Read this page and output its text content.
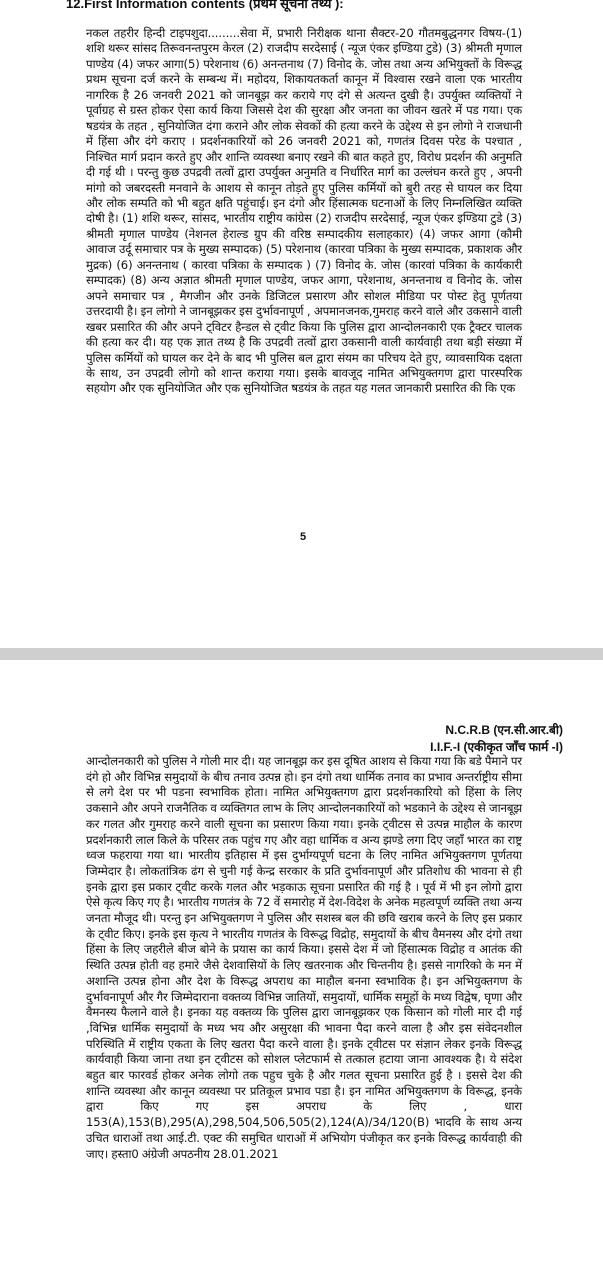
12.First Information contents (प्रथम सूचना तथ्य ):
नकल तहरीर हिन्दी टाइपशुदा.........सेवा में, प्रभारी निरीक्षक थाना सैक्टर-20 गौतमबुद्धनगर विषय-(1) शशि थरूर सांसद तिरूवनन्तपुरम केरल (2) राजदीप सरदेसाई ( न्यूज एंकर इण्डिया टुडे) (3) श्रीमती मृणाल पाण्डेय (4) जफर आगा(5) परेशनाथ (6) अनन्तनाथ (7) विनोद के. जोस तथा अन्य अभियुक्तों के विरूद्ध प्रथम सूचना दर्ज करने के सम्बन्ध में। महोदय, शिकायतकर्ता कानून में विश्वास रखने वाला एक भारतीय नागरिक है 26 जनवरी 2021 को जानबूझ कर कराये गए दंगे से अत्यन्त दुखी है। उपर्युक्त व्यक्तियों ने पूर्वाग्रह से ग्रस्त होकर ऐसा कार्य किया जिससे देश की सुरक्षा और जनता का जीवन खतरे में पड गया। एक षडयंत्र के तहत , सुनियोजित दंगा कराने और लोक सेवकों की हत्या करने के उद्देश्य से इन लोगो ने राजधानी में हिंसा और दंगे कराए । प्रदर्शनकारियों को 26 जनवरी 2021 को, गणतंत्र दिवस परेड के पश्चात , निश्चित मार्ग प्रदान करते हुए और शान्ति व्यवस्था बनाए रखने की बात कहते हुए, विरोध प्रदर्शन की अनुमति दी गई थी । परन्तु कुछ उपद्रवी तत्वों द्वारा उपर्युक्त अनुमति व निर्धारित मार्ग का उल्लंघन करते हुए , अपनी मांगो को जबरदस्ती मनवाने के आशय से कानून तोड़ते हुए पुलिस कर्मियों को बुरी तरह से घायल कर दिया और लोक सम्पति को भी बहुत क्षति पहुंचाई। इन दंगो और हिंसात्मक घटनाओं के लिए निम्नलिखित व्यक्ति दोषी है। (1) शशि थरूर, सांसद, भारतीय राष्ट्रीय कांग्रेस (2) राजदीप सरदेसाई, न्यूज एंकर इण्डिया टुडे (3) श्रीमती मृणाल पाण्डेय (नेशनल हेराल्ड ग्रुप की वरिष्ठ सम्पादकीय सलाहकार) (4) जफर आगा (कौमी आवाज उर्दू समाचार पत्र के मुख्य सम्पादक) (5) परेशनाथ (कारवा पत्रिका के मुख्य सम्पादक, प्रकाशक और मुद्रक) (6) अनन्तनाथ ( कारवा पत्रिका के सम्पादक ) (7) विनोद के. जोस (कारवां पत्रिका के कार्यकारी सम्पादक) (8) अन्य अज्ञात श्रीमती मृणाल पाण्डेय, जफर आगा, परेशनाथ, अनन्तनाथ व विनोद के. जोस अपने समाचार पत्र , मैगजीन और उनके डिजिटल प्रसारण और सोशल मीडिया पर पोस्ट हेतु पूर्णतया उत्तरदायी है। इन लोगो ने जानबूझकर इस दुर्भावनापूर्ण , अपमानजनक,गुमराह करने वाले और उकसाने वाली खबर प्रसारित की और अपने ट्विटर हैन्डल से ट्वीट किया कि पुलिस द्वारा आन्दोलनकारी एक ट्रैक्टर चालक की हत्या कर दी। यह एक ज्ञात तथ्य है कि उपद्रवी तत्वों द्वारा उकसानी वाली कार्यवाही तथा बड़ी संख्या में पुलिस कर्मियों को घायल कर देने के बाद भी पुलिस बल द्वारा संयम का परिचय देते हुए, व्यावसायिक दक्षता के साथ, उन उपद्रवी लोगो को शान्त कराया गया। इसके बावजूद नामित अभियुक्तगण द्वारा पारस्परिक सहयोग और एक सुनियोजित और एक सुनियोजित षडयंत्र के तहत यह गलत जानकारी प्रसारित की कि एक
5
N.C.R.B (एन.सी.आर.बी)
I.I.F.-I (एकीकृत जाँच फार्म -I)
आन्दोलनकारी को पुलिस ने गोली मार दी। यह जानबूझ कर इस दूषित आशय से किया गया कि बडे पैमाने पर दंगे हो और विभिन्न समुदायों के बीच तनाव उत्पन्न हो। इन दंगो तथा धार्मिक तनाव का प्रभाव अन्तर्राष्ट्रीय सीमा से लगे देश पर भी पडना स्वभाविक होता। नामित अभियुक्तगण द्वारा प्रदर्शनकारियो को हिंसा के लिए उकसाने और अपने राजनैतिक व व्यक्तिगत लाभ के लिए आन्दोलनकारियों को भडकाने के उद्देश्य से जानबूझ कर गलत और गुमराह करने वाली सूचना का प्रसारण किया गया। इनके ट्वीटस से उत्पन्न माहौल के कारण प्रदर्शनकारी लाल किले के परिसर तक पहुंच गए और वहा धार्मिक व अन्य झण्डे लगा दिए जहाँ भारत का राष्ट्र ध्वज फहराया गया था। भारतीय इतिहास में इस दुर्भाग्यपूर्ण घटना के लिए नामित अभियुक्तगण पूर्णतया जिम्मेदार है। लोकतांत्रिक ढंग से चुनी गई केन्द्र सरकार के प्रति दुर्भावनापूर्ण और प्रतिशोध की भावना से ही इनके द्वारा इस प्रकार ट्वीट करके गलत और भड़काऊ सूचना प्रसारित की गई है । पूर्व में भी इन लोगो द्वारा ऐसे कृत्य किए गए है। भारतीय गणतंत्र के 72 वें समारोह में देश-विदेश के अनेक महत्वपूर्ण व्यक्ति तथा अन्य जनता मौजूद थी। परन्तु इन अभियुक्तगण ने पुलिस और सशस्त्र बल की छवि खराब करने के लिए इस प्रकार के ट्वीट किए। इनके इस कृत्य ने भारतीय गणतंत्र के विरूद्ध विद्रोह, समुदायों के बीच वैमनस्य और दंगो तथा हिंसा के लिए जहरीले बीज बोने के प्रयास का कार्य किया। इससे देश में जो हिंसात्मक विद्रोह व आतंक की स्थिति उत्पन्न होती वह हमारे जैसे देशवासियों के लिए खतरनाक और चिन्तनीय है। इससे नागरिको के मन में अशान्ति उत्पन्न होना और देश के विरूद्ध अपराध का माहौल बनना स्वभाविक है। इन अभियुक्तगण के दुर्भावनापूर्ण और गैर जिम्मेदाराना वक्तव्य विभिन्न जातियों, समुदायों, धार्मिक समूहों के मध्य विद्वेष, घृणा और वैमनस्य फैलाने वाले है। इनका यह वक्तव्य कि पुलिस द्वारा जानबूझकर एक किसान को गोली मार दी गई ,विभिन्न धार्मिक समुदायों के मध्य भय और असुरक्षा की भावना पैदा करने वाला है और इस संवेदनशील परिस्थिति में राष्ट्रीय एकता के लिए खतरा पैदा करने वाला है। इनके ट्वीटस पर संज्ञान लेकर इनके विरूद्ध कार्यवाही किया जाना तथा इन ट्वीटस को सोशल प्लेटफार्म से तत्काल हटाया जाना आवश्यक है। ये संदेश बहुत बार फारवर्ड होकर अनेक लोगो तक पहुच चुके है और गलत सूचना प्रसारित हुई है । इससे देश की शान्ति व्यवस्था और कानून व्यवस्था पर प्रतिकूल प्रभाव पडा है। इन नामित अभियुक्तगण के विरूद्ध, इनके द्वारा किए गए इस अपराध के लिए , धारा 153(A),153(B),295(A),298,504,506,505(2),124(A)/34/120(B) भादवि के साथ अन्य उचित धाराओं तथा आई.टी. एक्ट की समुचित धाराओं में अभियोग पंजीकृत कर इनके विरूद्ध कार्यवाही की जाए। हस्ता0 अंग्रेजी अपठनीय 28.01.2021
